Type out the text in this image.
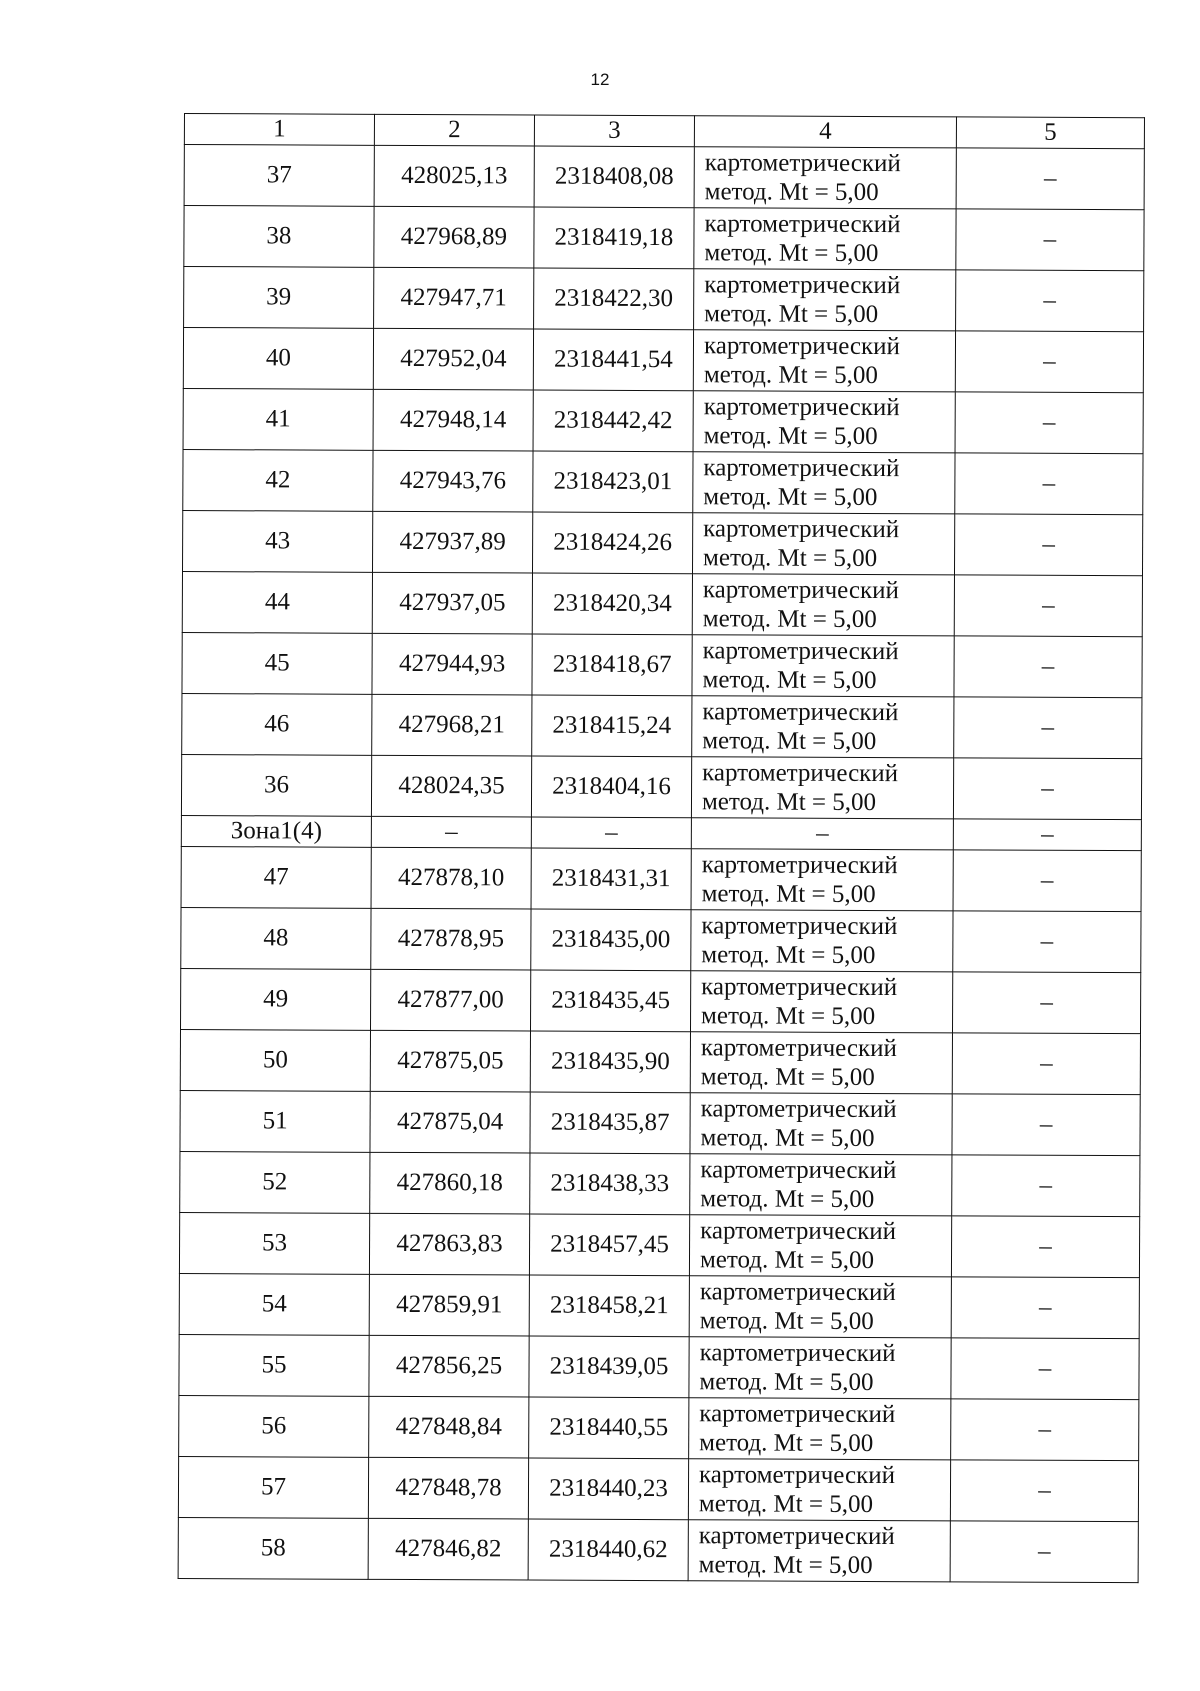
12
1	2	3	4	5
37	428025,13	2318408,08	картометрический
метод. Mt = 5,00	–
38	427968,89	2318419,18	картометрический
метод. Mt = 5,00	–
39	427947,71	2318422,30	картометрический
метод. Mt = 5,00	–
40	427952,04	2318441,54	картометрический
метод. Mt = 5,00	–
41	427948,14	2318442,42	картометрический
метод. Mt = 5,00	–
42	427943,76	2318423,01	картометрический
метод. Mt = 5,00	–
43	427937,89	2318424,26	картометрический
метод. Mt = 5,00	–
44	427937,05	2318420,34	картометрический
метод. Mt = 5,00	–
45	427944,93	2318418,67	картометрический
метод. Mt = 5,00	–
46	427968,21	2318415,24	картометрический
метод. Mt = 5,00	–
36	428024,35	2318404,16	картометрический
метод. Mt = 5,00	–
Зона1(4)	–	–	–	–
47	427878,10	2318431,31	картометрический
метод. Mt = 5,00	–
48	427878,95	2318435,00	картометрический
метод. Mt = 5,00	–
49	427877,00	2318435,45	картометрический
метод. Mt = 5,00	–
50	427875,05	2318435,90	картометрический
метод. Mt = 5,00	–
51	427875,04	2318435,87	картометрический
метод. Mt = 5,00	–
52	427860,18	2318438,33	картометрический
метод. Mt = 5,00	–
53	427863,83	2318457,45	картометрический
метод. Mt = 5,00	–
54	427859,91	2318458,21	картометрический
метод. Mt = 5,00	–
55	427856,25	2318439,05	картометрический
метод. Mt = 5,00	–
56	427848,84	2318440,55	картометрический
метод. Mt = 5,00	–
57	427848,78	2318440,23	картометрический
метод. Mt = 5,00	–
58	427846,82	2318440,62	картометрический
метод. Mt = 5,00	–
